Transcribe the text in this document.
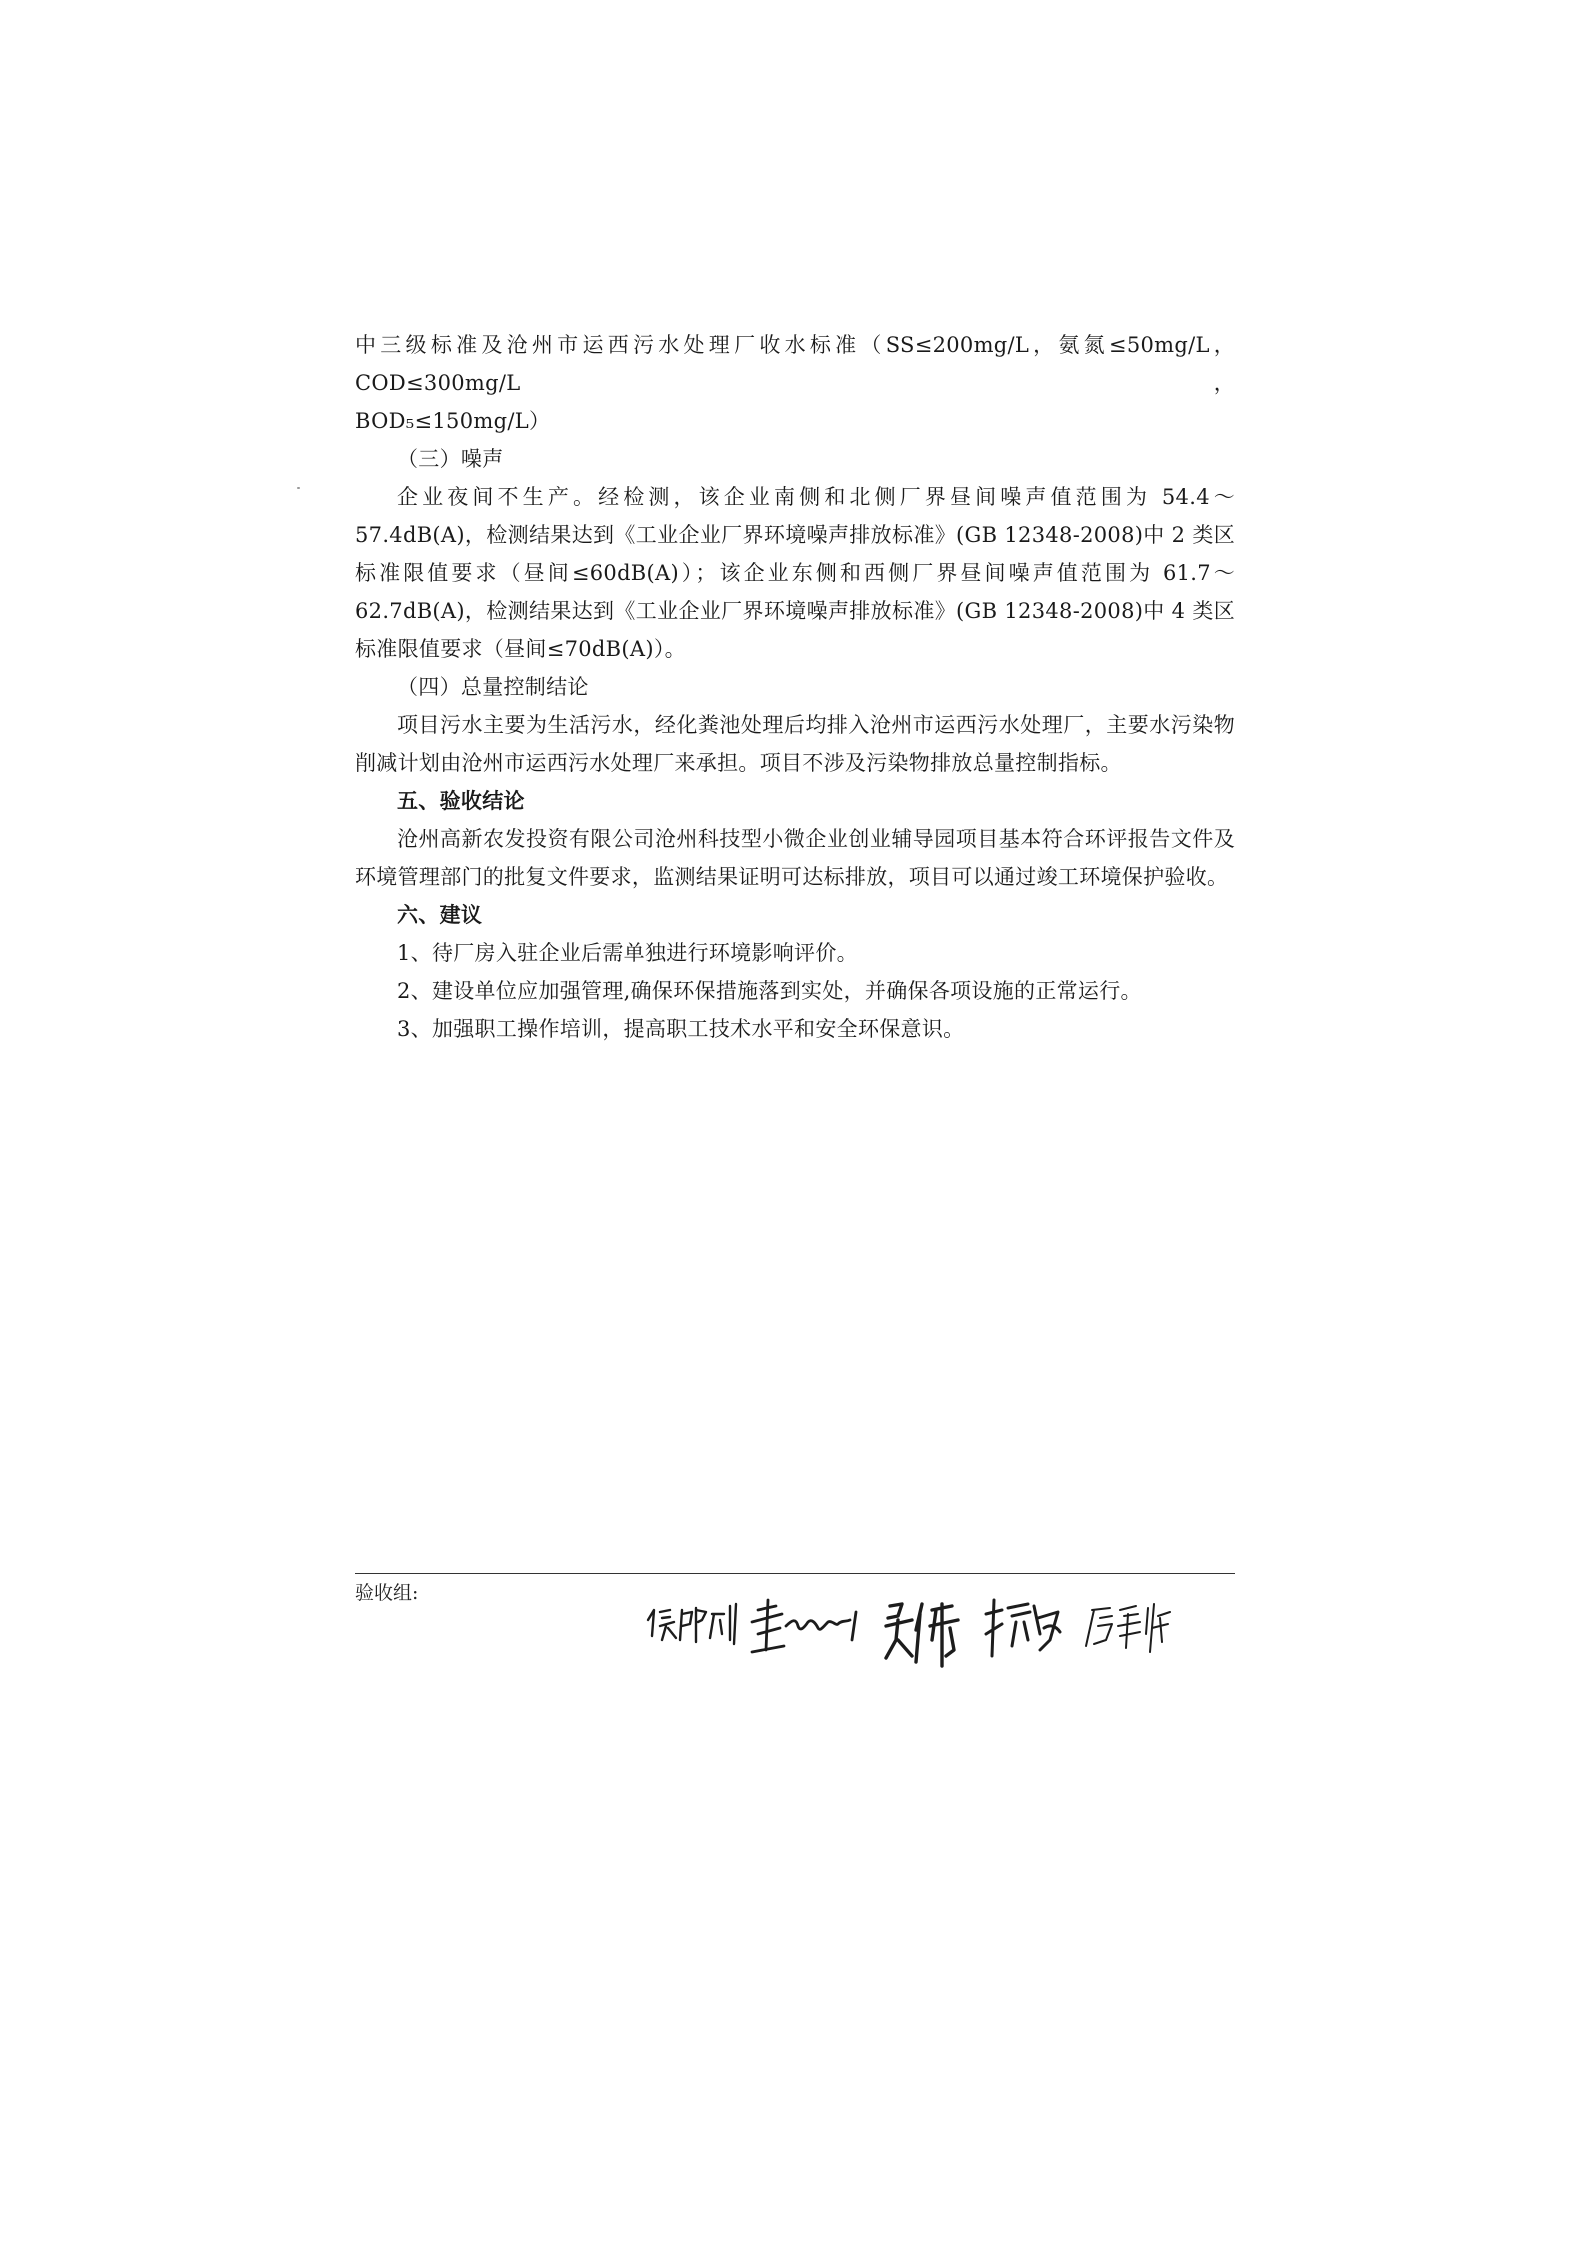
中三级标准及沧州市运西污水处理厂收水标准（SS≤200mg/L，氨氮≤50mg/L，COD≤300mg/L，

BOD₅≤150mg/L）

（三）噪声

企业夜间不生产。经检测，该企业南侧和北侧厂界昼间噪声值范围为 54.4～57.4dB(A)，检测结果达到《工业企业厂界环境噪声排放标准》(GB 12348-2008)中 2 类区标准限值要求（昼间≤60dB(A)）；该企业东侧和西侧厂界昼间噪声值范围为 61.7～62.7dB(A)，检测结果达到《工业企业厂界环境噪声排放标准》(GB 12348-2008)中 4 类区标准限值要求（昼间≤70dB(A)）。

（四）总量控制结论

项目污水主要为生活污水，经化粪池处理后均排入沧州市运西污水处理厂，主要水污染物削减计划由沧州市运西污水处理厂来承担。项目不涉及污染物排放总量控制指标。

五、验收结论

沧州高新农发投资有限公司沧州科技型小微企业创业辅导园项目基本符合环评报告文件及环境管理部门的批复文件要求，监测结果证明可达标排放，项目可以通过竣工环境保护验收。

六、建议

1、待厂房入驻企业后需单独进行环境影响评价。

2、建设单位应加强管理,确保环保措施落到实处，并确保各项设施的正常运行。

3、加强职工操作培训，提高职工技术水平和安全环保意识。

验收组:
